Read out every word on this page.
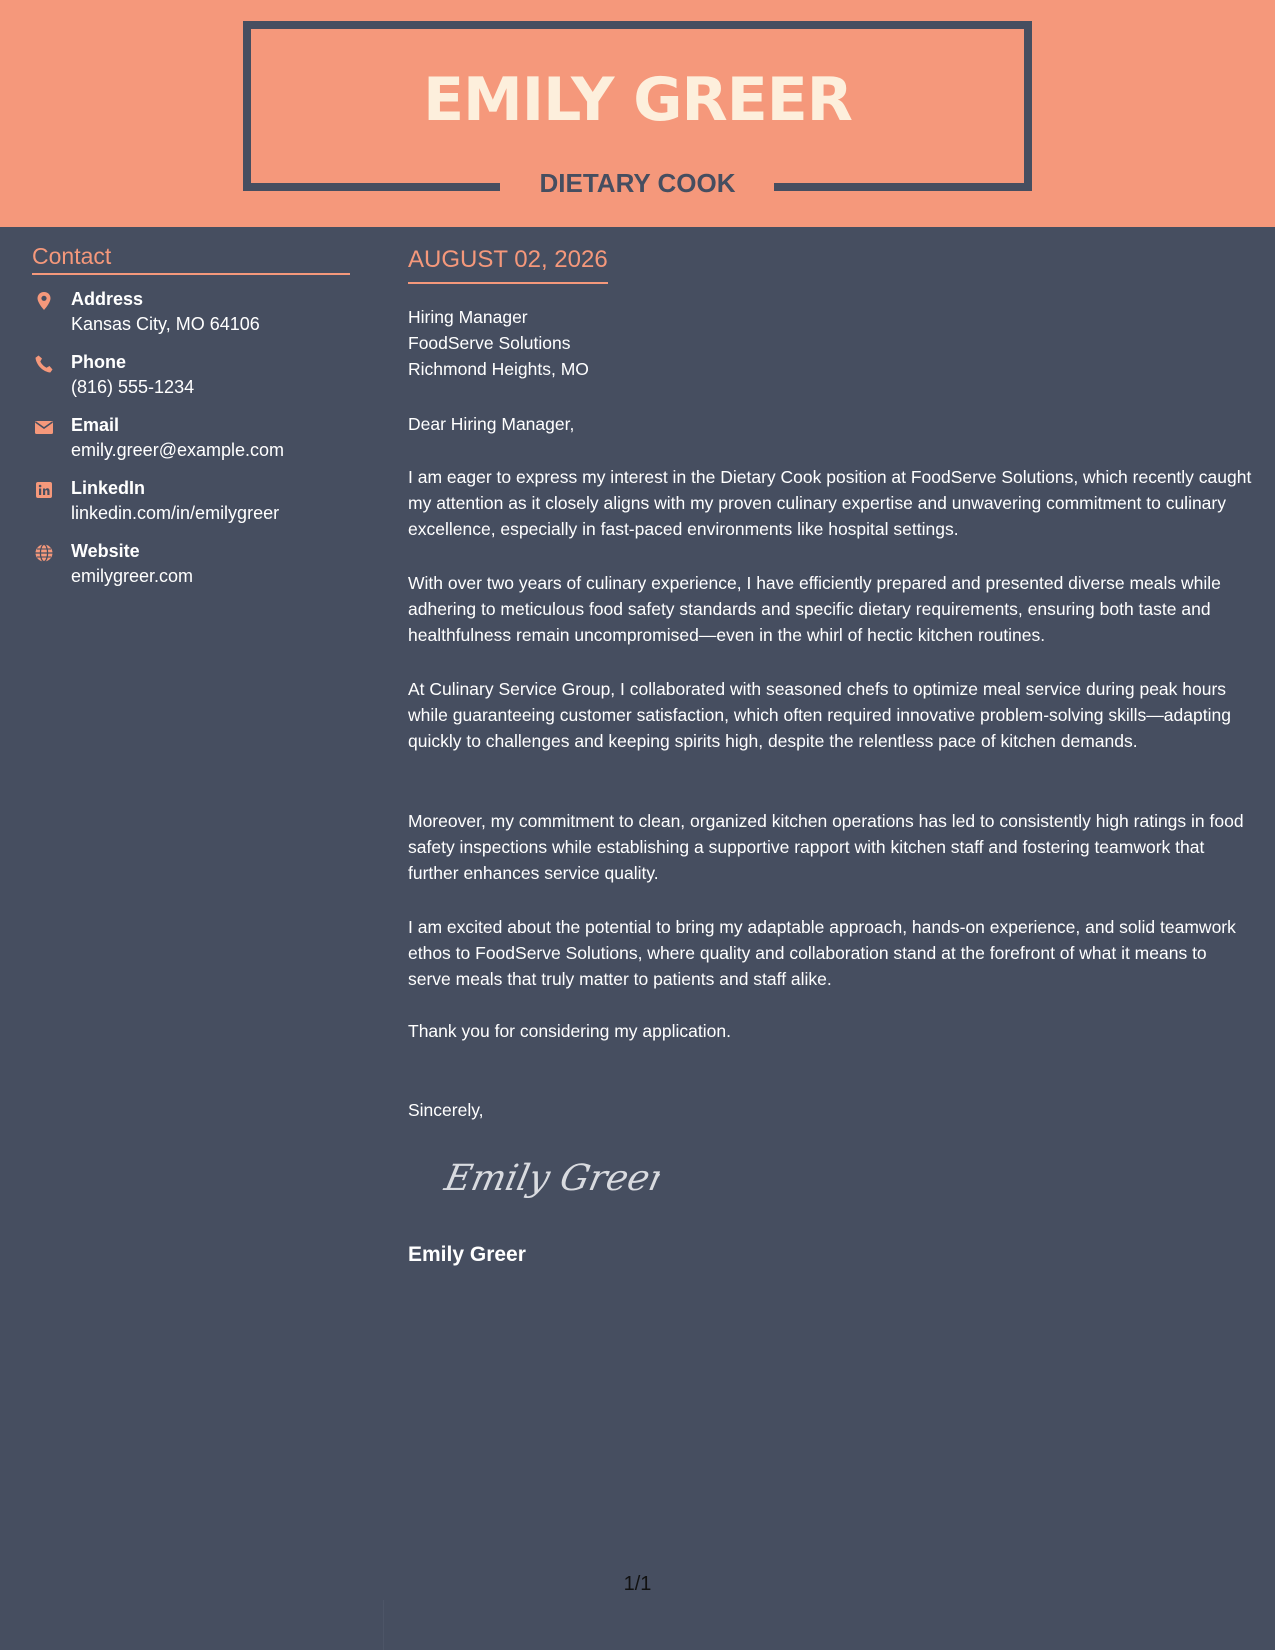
EMILY GREER
DIETARY COOK
Contact
Address
Kansas City, MO 64106
Phone
(816) 555-1234
Email
emily.greer@example.com
LinkedIn
linkedin.com/in/emilygreer
Website
emilygreer.com
AUGUST 02, 2026
Hiring Manager
FoodServe Solutions
Richmond Heights, MO
Dear Hiring Manager,
I am eager to express my interest in the Dietary Cook position at FoodServe Solutions, which recently caught my attention as it closely aligns with my proven culinary expertise and unwavering commitment to culinary excellence, especially in fast-paced environments like hospital settings.
With over two years of culinary experience, I have efficiently prepared and presented diverse meals while adhering to meticulous food safety standards and specific dietary requirements, ensuring both taste and healthfulness remain uncompromised—even in the whirl of hectic kitchen routines.
At Culinary Service Group, I collaborated with seasoned chefs to optimize meal service during peak hours while guaranteeing customer satisfaction, which often required innovative problem-solving skills—adapting quickly to challenges and keeping spirits high, despite the relentless pace of kitchen demands.
Moreover, my commitment to clean, organized kitchen operations has led to consistently high ratings in food safety inspections while establishing a supportive rapport with kitchen staff and fostering teamwork that further enhances service quality.
I am excited about the potential to bring my adaptable approach, hands-on experience, and solid teamwork ethos to FoodServe Solutions, where quality and collaboration stand at the forefront of what it means to serve meals that truly matter to patients and staff alike.
Thank you for considering my application.
Sincerely,
Emily Greer
Emily Greer
1/1
